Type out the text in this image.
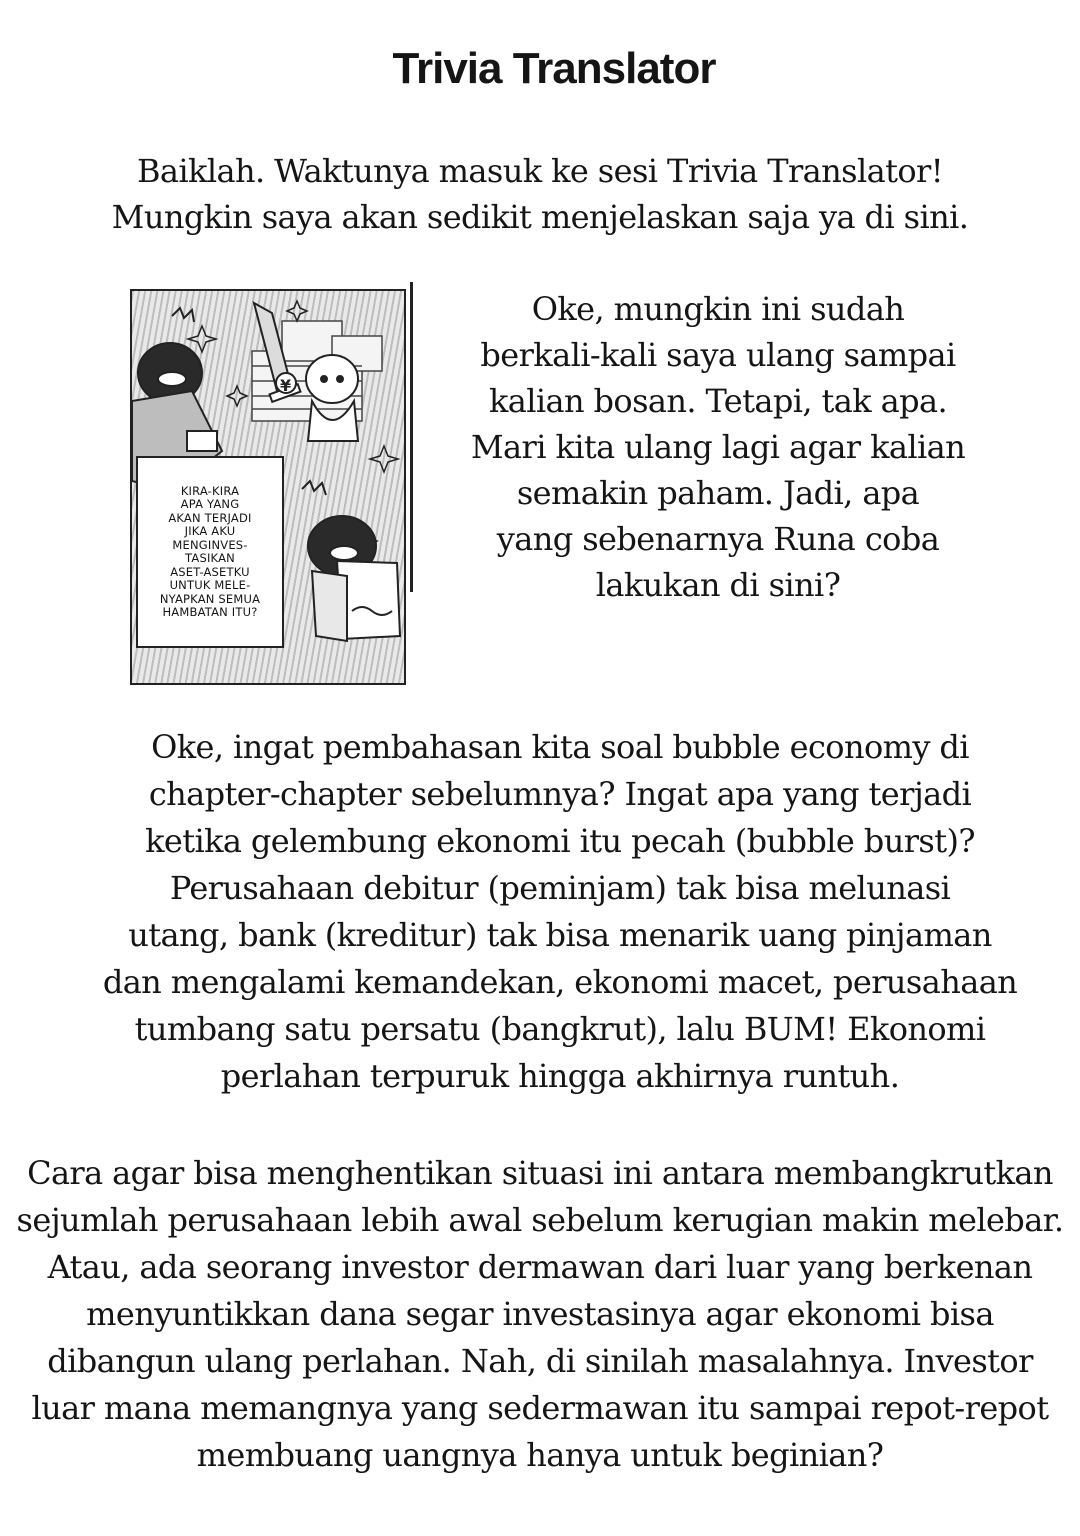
Trivia Translator

Baiklah. Waktunya masuk ke sesi Trivia Translator!
Mungkin saya akan sedikit menjelaskan saja ya di sini.

¥
KIRA-KIRA
APA YANG
AKAN TERJADI
JIKA AKU
MENGINVES-
TASIKAN
ASET-ASETKU
UNTUK MELE-
NYAPKAN SEMUA
HAMBATAN ITU?

Oke, mungkin ini sudah
berkali-kali saya ulang sampai
kalian bosan. Tetapi, tak apa.
Mari kita ulang lagi agar kalian
semakin paham. Jadi, apa
yang sebenarnya Runa coba
lakukan di sini?

Oke, ingat pembahasan kita soal bubble economy di
chapter-chapter sebelumnya? Ingat apa yang terjadi
ketika gelembung ekonomi itu pecah (bubble burst)?
Perusahaan debitur (peminjam) tak bisa melunasi
utang, bank (kreditur) tak bisa menarik uang pinjaman
dan mengalami kemandekan, ekonomi macet, perusahaan
tumbang satu persatu (bangkrut), lalu BUM! Ekonomi
perlahan terpuruk hingga akhirnya runtuh.

Cara agar bisa menghentikan situasi ini antara membangkrutkan
sejumlah perusahaan lebih awal sebelum kerugian makin melebar.
Atau, ada seorang investor dermawan dari luar yang berkenan
menyuntikkan dana segar investasinya agar ekonomi bisa
dibangun ulang perlahan. Nah, di sinilah masalahnya. Investor
luar mana memangnya yang sedermawan itu sampai repot-repot
membuang uangnya hanya untuk beginian?
